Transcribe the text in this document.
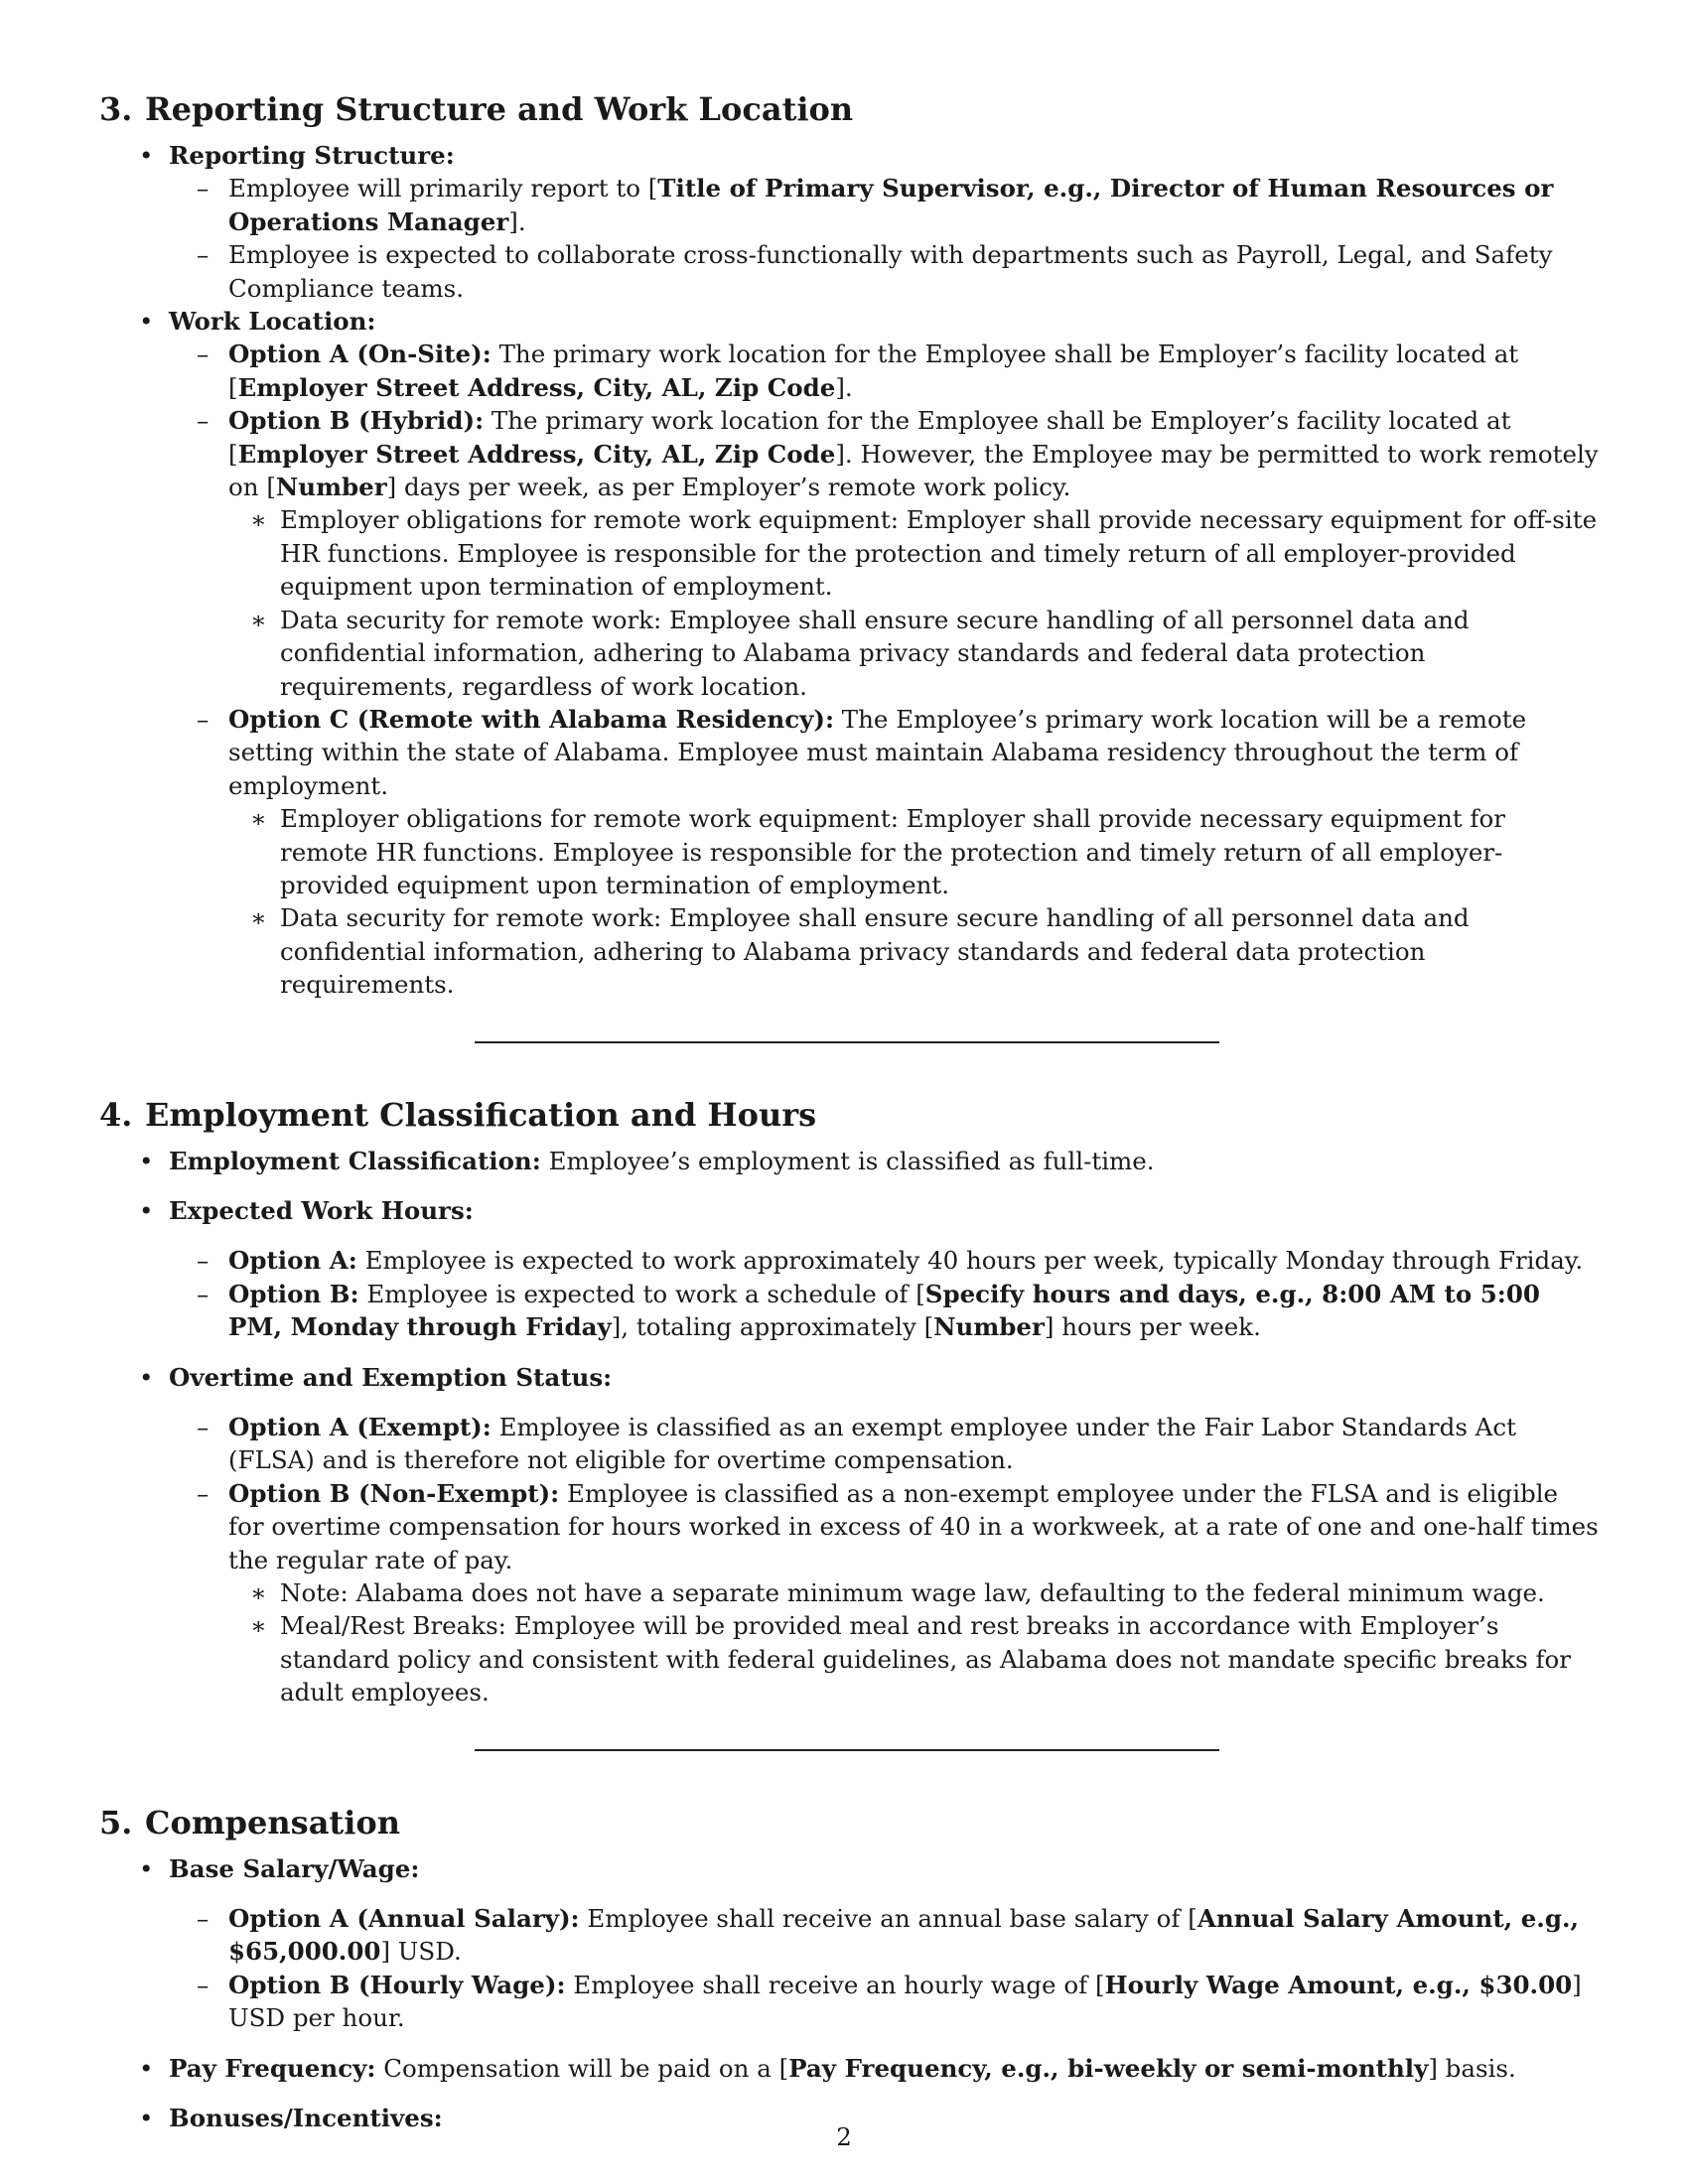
3. Reporting Structure and Work Location
• Reporting Structure:
– Employee will primarily report to [Title of Primary Supervisor, e.g., Director of Human Resources or Operations Manager].
– Employee is expected to collaborate cross-functionally with departments such as Payroll, Legal, and Safety Compliance teams.
• Work Location:
– Option A (On-Site): The primary work location for the Employee shall be Employer’s facility located at [Employer Street Address, City, AL, Zip Code].
– Option B (Hybrid): The primary work location for the Employee shall be Employer’s facility located at [Employer Street Address, City, AL, Zip Code]. However, the Employee may be permitted to work remotely on [Number] days per week, as per Employer’s remote work policy.
∗ Employer obligations for remote work equipment: Employer shall provide necessary equipment for off-site HR functions. Employee is responsible for the protection and timely return of all employer-provided equipment upon termination of employment.
∗ Data security for remote work: Employee shall ensure secure handling of all personnel data and confidential information, adhering to Alabama privacy standards and federal data protection requirements, regardless of work location.
– Option C (Remote with Alabama Residency): The Employee’s primary work location will be a remote setting within the state of Alabama. Employee must maintain Alabama residency throughout the term of employment.
∗ Employer obligations for remote work equipment: Employer shall provide necessary equipment for remote HR functions. Employee is responsible for the protection and timely return of all employer-provided equipment upon termination of employment.
∗ Data security for remote work: Employee shall ensure secure handling of all personnel data and confidential information, adhering to Alabama privacy standards and federal data protection requirements.
4. Employment Classification and Hours
• Employment Classification: Employee’s employment is classified as full-time.
• Expected Work Hours:
– Option A: Employee is expected to work approximately 40 hours per week, typically Monday through Friday.
– Option B: Employee is expected to work a schedule of [Specify hours and days, e.g., 8:00 AM to 5:00 PM, Monday through Friday], totaling approximately [Number] hours per week.
• Overtime and Exemption Status:
– Option A (Exempt): Employee is classified as an exempt employee under the Fair Labor Standards Act (FLSA) and is therefore not eligible for overtime compensation.
– Option B (Non-Exempt): Employee is classified as a non-exempt employee under the FLSA and is eligible for overtime compensation for hours worked in excess of 40 in a workweek, at a rate of one and one-half times the regular rate of pay.
∗ Note: Alabama does not have a separate minimum wage law, defaulting to the federal minimum wage.
∗ Meal/Rest Breaks: Employee will be provided meal and rest breaks in accordance with Employer’s standard policy and consistent with federal guidelines, as Alabama does not mandate specific breaks for adult employees.
5. Compensation
• Base Salary/Wage:
– Option A (Annual Salary): Employee shall receive an annual base salary of [Annual Salary Amount, e.g., $65,000.00] USD.
– Option B (Hourly Wage): Employee shall receive an hourly wage of [Hourly Wage Amount, e.g., $30.00] USD per hour.
• Pay Frequency: Compensation will be paid on a [Pay Frequency, e.g., bi-weekly or semi-monthly] basis.
• Bonuses/Incentives:
2
